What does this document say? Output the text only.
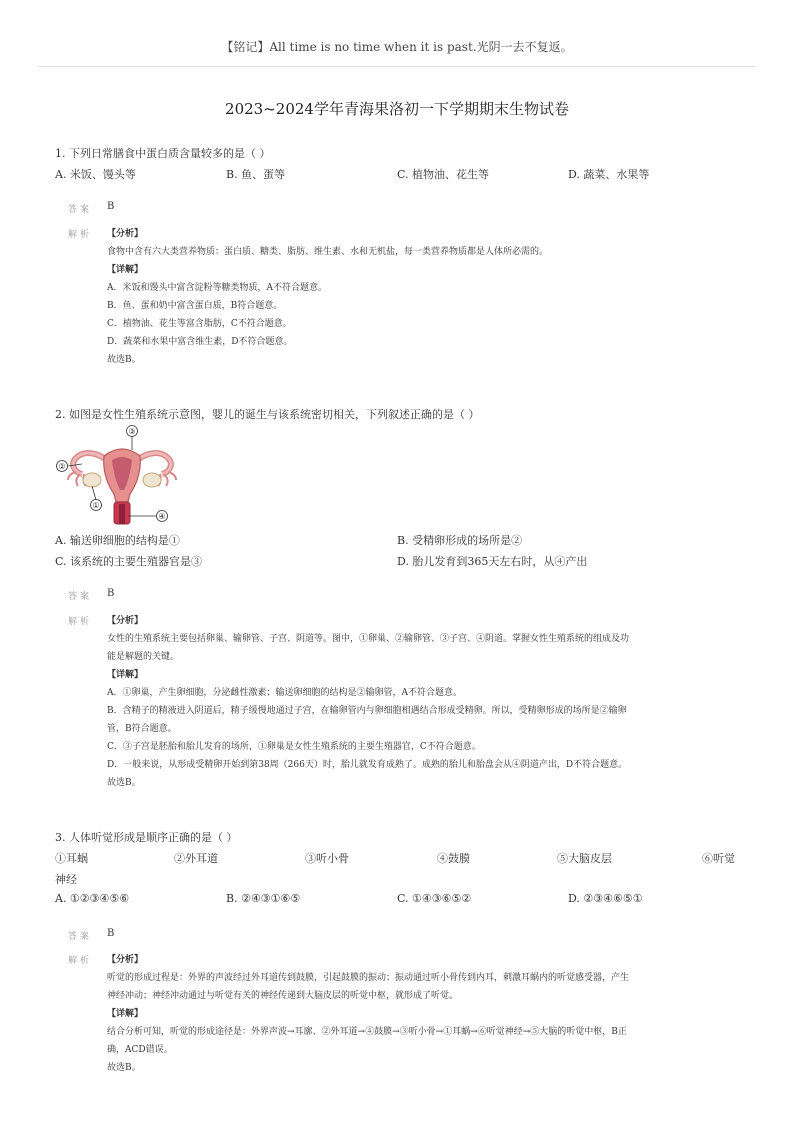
【铭记】All time is no time when it is past.光阴一去不复返。
2023~2024学年青海果洛初一下学期期末生物试卷
1. 下列日常膳食中蛋白质含量较多的是（ ）
A. 米饭、馒头等	B. 鱼、蛋等	C. 植物油、花生等	D. 蔬菜、水果等
答案 B
解析 【分析】
食物中含有六大类营养物质：蛋白质、糖类、脂肪、维生素、水和无机盐，每一类营养物质都是人体所必需的。
【详解】
A．米饭和馒头中富含淀粉等糖类物质，A不符合题意。
B．鱼、蛋和奶中富含蛋白质，B符合题意。
C．植物油、花生等富含脂肪，C不符合题意。
D．蔬菜和水果中富含维生素，D不符合题意。
故选B。
2. 如图是女性生殖系统示意图，婴儿的诞生与该系统密切相关，下列叙述正确的是（ ）
③
②
①
④
A. 输送卵细胞的结构是①	B. 受精卵形成的场所是②
C. 该系统的主要生殖器官是③	D. 胎儿发育到365天左右时，从④产出
答案 B
解析 【分析】
女性的生殖系统主要包括卵巢、输卵管、子宫、阴道等。图中，①卵巢、②输卵管、③子宫、④阴道。掌握女性生殖系统的组成及功
能是解题的关键。
【详解】
A．①卵巢，产生卵细胞，分泌雌性激素；输送卵细胞的结构是②输卵管，A不符合题意。
B．含精子的精液进入阴道后，精子缓慢地通过子宫，在输卵管内与卵细胞相遇结合形成受精卵。所以，受精卵形成的场所是②输卵
管，B符合题意。
C．③子宫是胚胎和胎儿发育的场所，①卵巢是女性生殖系统的主要生殖器官，C不符合题意。
D．一般来说，从形成受精卵开始到第38周（266天）时，胎儿就发育成熟了。成熟的胎儿和胎盘会从④阴道产出，D不符合题意。
故选B。
3. 人体听觉形成是顺序正确的是（ ）
①耳蜗	②外耳道	③听小骨	④鼓膜	⑤大脑皮层	⑥听觉
神经
A. ①②③④⑤⑥	B. ②④③①⑥⑤	C. ①④③⑥⑤②	D. ②③④⑥⑤①
答案 B
解析 【分析】
听觉的形成过程是：外界的声波经过外耳道传到鼓膜，引起鼓膜的振动；振动通过听小骨传到内耳，刺激耳蜗内的听觉感受器，产生
神经冲动；神经冲动通过与听觉有关的神经传递到大脑皮层的听觉中枢，就形成了听觉。
【详解】
结合分析可知，听觉的形成途径是：外界声波→耳廓、②外耳道→④鼓膜→③听小骨→①耳蜗→⑥听觉神经→⑤大脑的听觉中枢，B正
确，ACD错误。
故选B。
